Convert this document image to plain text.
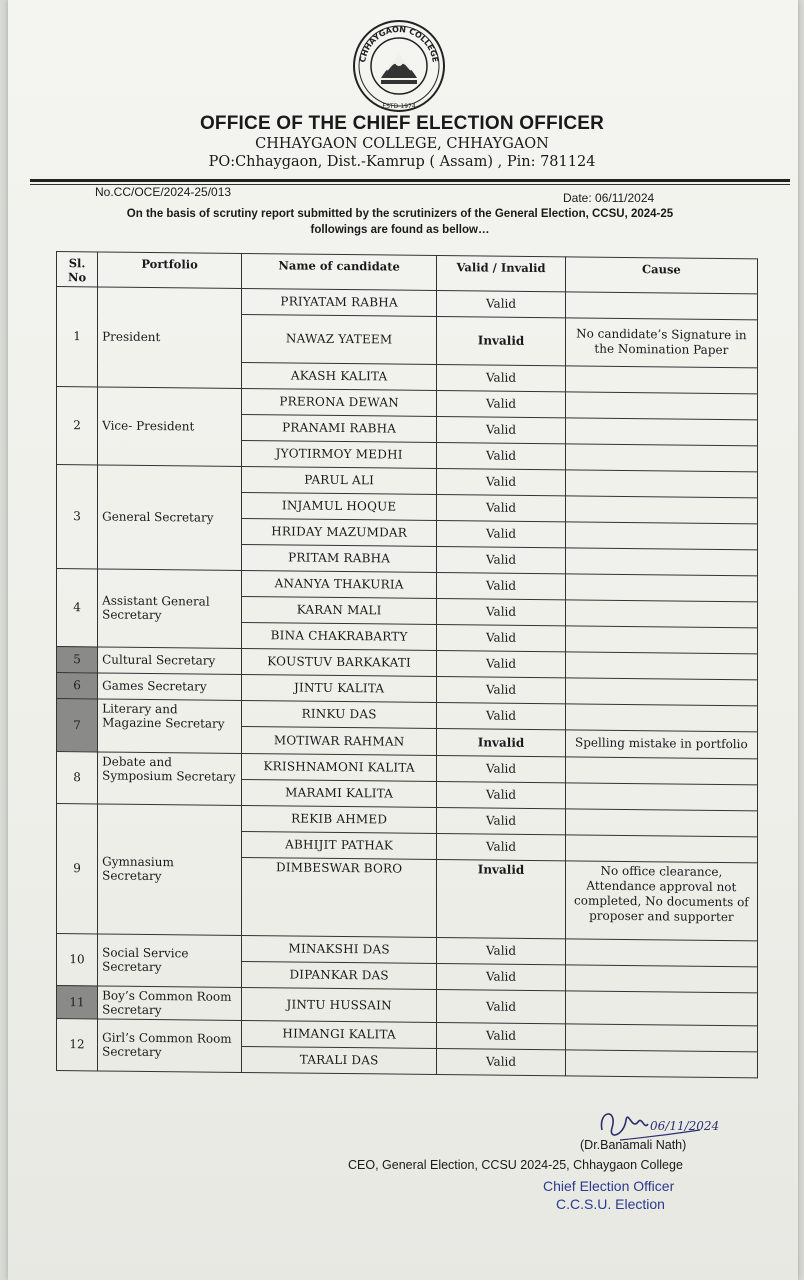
CHHAYGAON COLLEGE
ESTD-1974
OFFICE OF THE CHIEF ELECTION OFFICER
CHHAYGAON COLLEGE, CHHAYGAON
PO:Chhaygaon, Dist.-Kamrup ( Assam) , Pin: 781124
No.CC/OCE/2024-25/013	Date: 06/11/2024
On the basis of scrutiny report submitted by the scrutinizers of the General Election, CCSU, 2024-25
followings are found as bellow…
Sl. No	Portfolio	Name of candidate	Valid / Invalid	Cause
1	President	PRIYATAM RABHA	Valid	
		NAWAZ YATEEM	Invalid	No candidate’s Signature in the Nomination Paper
		AKASH KALITA	Valid	
2	Vice- President	PRERONA DEWAN	Valid	
		PRANAMI RABHA	Valid	
		JYOTIRMOY MEDHI	Valid	
3	General Secretary	PARUL ALI	Valid	
		INJAMUL HOQUE	Valid	
		HRIDAY MAZUMDAR	Valid	
		PRITAM RABHA	Valid	
4	Assistant General Secretary	ANANYA THAKURIA	Valid	
		KARAN MALI	Valid	
		BINA CHAKRABARTY	Valid	
5	Cultural Secretary	KOUSTUV BARKAKATI	Valid	
6	Games Secretary	JINTU KALITA	Valid	
7	Literary and Magazine Secretary	RINKU DAS	Valid	
		MOTIWAR RAHMAN	Invalid	Spelling mistake in portfolio
8	Debate and Symposium Secretary	KRISHNAMONI KALITA	Valid	
		MARAMI KALITA	Valid	
9	Gymnasium Secretary	REKIB AHMED	Valid	
		ABHIJIT PATHAK	Valid	
		DIMBESWAR BORO	Invalid	No office clearance, Attendance approval not completed, No documents of proposer and supporter
10	Social Service Secretary	MINAKSHI DAS	Valid	
		DIPANKAR DAS	Valid	
11	Boy’s Common Room Secretary	JINTU HUSSAIN	Valid	
12	Girl’s Common Room Secretary	HIMANGI KALITA	Valid	
		TARALI DAS	Valid	
06/11/2024
(Dr.Banamali Nath)
CEO, General Election, CCSU 2024-25, Chhaygaon College
Chief Election Officer
C.C.S.U. Election
